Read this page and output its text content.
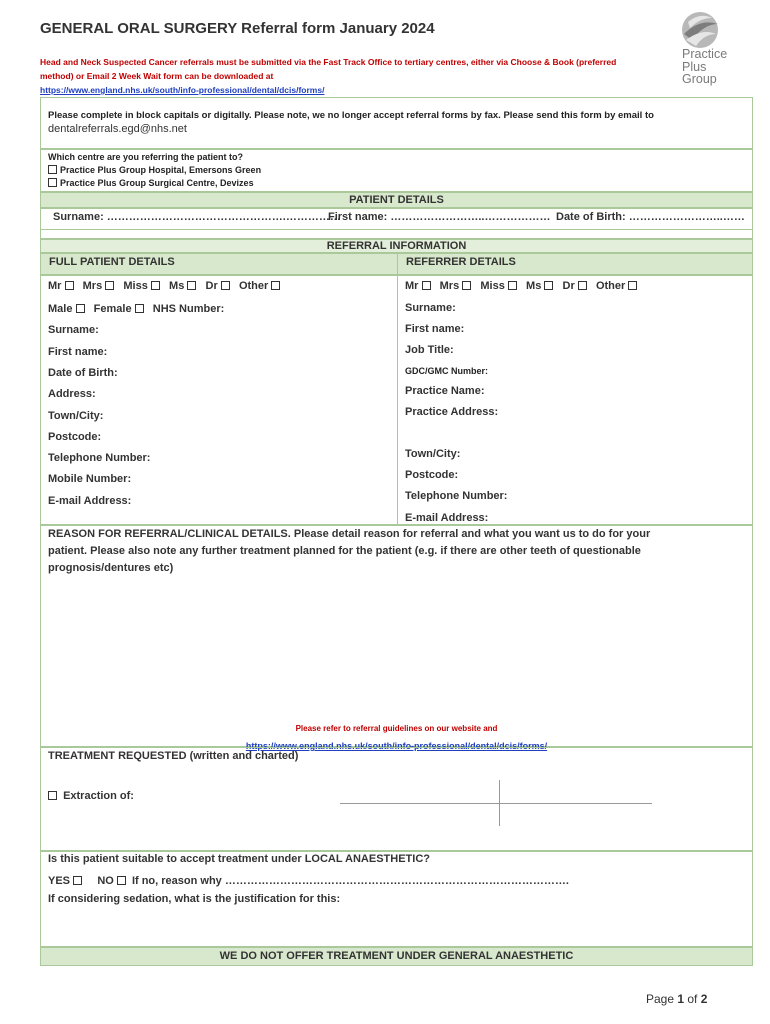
GENERAL ORAL SURGERY Referral form January 2024
Head and Neck Suspected Cancer referrals must be submitted via the Fast Track Office to tertiary centres, either via Choose & Book (preferred method) or Email 2 Week Wait form can be downloaded at
https://www.england.nhs.uk/south/info-professional/dental/dcis/forms/
Practice
Plus
Group
Please complete in block capitals or digitally. Please note, we no longer accept referral forms by fax. Please send this form by email to
dentalreferrals.egd@nhs.net
Which centre are you referring the patient to?
Practice Plus Group Hospital, Emersons Green
Practice Plus Group Surgical Centre, Devizes
PATIENT DETAILS
Surname: ………………………………………….……………
First name: ……………………..……………… Date of Birth: ……………………..……
REFERRAL INFORMATION
FULL PATIENT DETAILS	REFERRER DETAILS
Mr Mrs Miss Ms Dr Other
Male Female NHS Number:
Surname:
First name:
Date of Birth:
Address:
Town/City:
Postcode:
Telephone Number:
Mobile Number:
E-mail Address:
Mr Mrs Miss Ms Dr Other
Surname:
First name:
Job Title:
GDC/GMC Number:
Practice Name:
Practice Address:
Town/City:
Postcode:
Telephone Number:
E-mail Address:
REASON FOR REFERRAL/CLINICAL DETAILS. Please detail reason for referral and what you want us to do for your
patient. Please also note any further treatment planned for the patient (e.g. if there are other teeth of questionable
prognosis/dentures etc)
Please refer to referral guidelines on our website and
https://www.england.nhs.uk/south/info-professional/dental/dcis/forms/
TREATMENT REQUESTED (written and charted)
Extraction of:
Is this patient suitable to accept treatment under LOCAL ANAESTHETIC?
YES NO If no, reason why ………………………………………………………………………………….
If considering sedation, what is the justification for this:
WE DO NOT OFFER TREATMENT UNDER GENERAL ANAESTHETIC
Page 1 of 2
